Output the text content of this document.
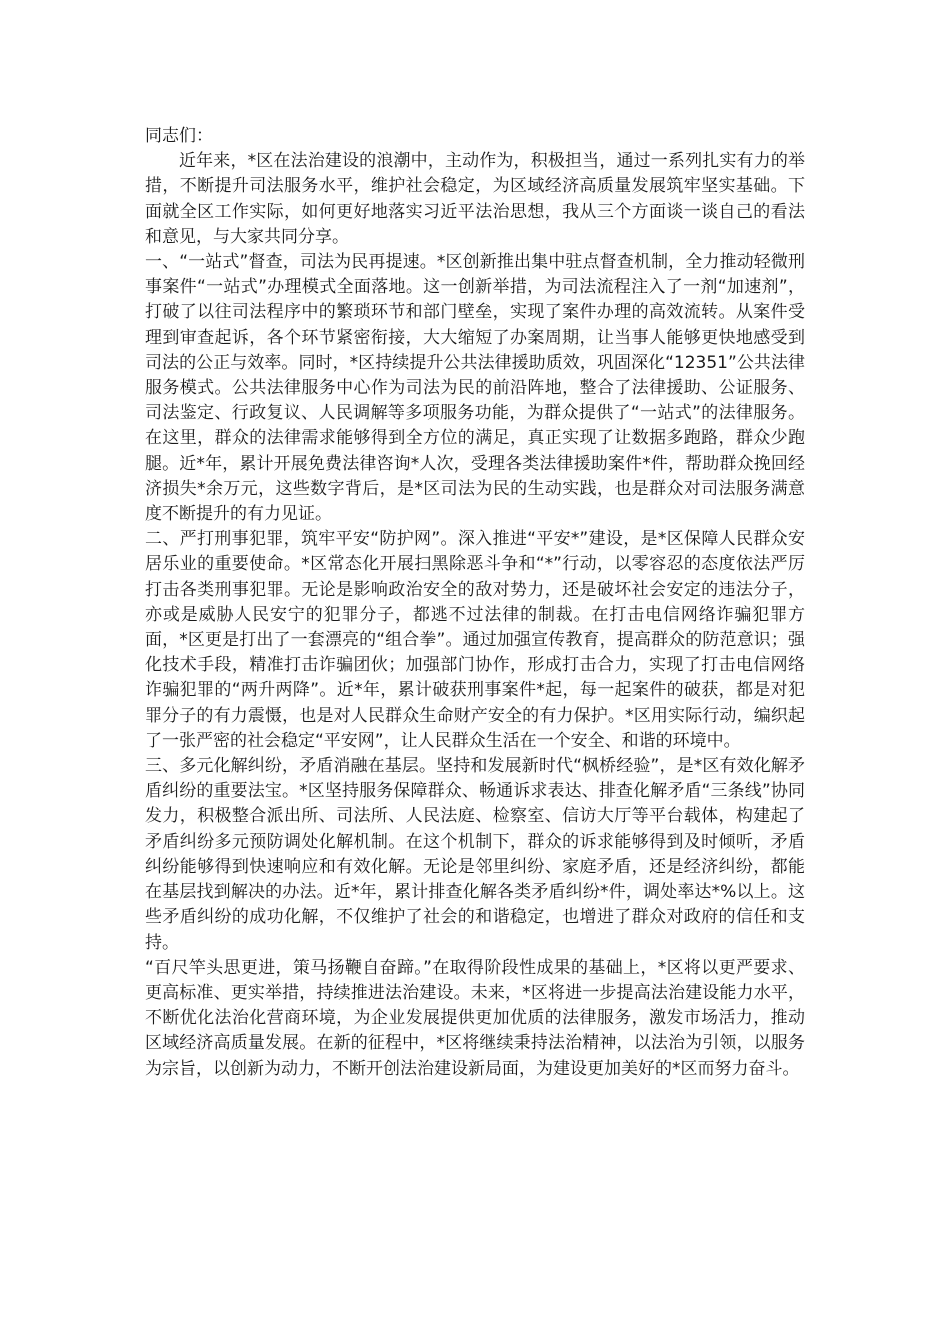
同志们：

近年来，*区在法治建设的浪潮中，主动作为，积极担当，通过一系列扎实有力的举措，不断提升司法服务水平，维护社会稳定，为区域经济高质量发展筑牢坚实基础。下面就全区工作实际，如何更好地落实习近平法治思想，我从三个方面谈一谈自己的看法和意见，与大家共同分享。

一、“一站式”督查，司法为民再提速。*区创新推出集中驻点督查机制，全力推动轻微刑事案件“一站式”办理模式全面落地。这一创新举措，为司法流程注入了一剂“加速剂”，打破了以往司法程序中的繁琐环节和部门壁垒，实现了案件办理的高效流转。从案件受理到审查起诉，各个环节紧密衔接，大大缩短了办案周期，让当事人能够更快地感受到司法的公正与效率。同时，*区持续提升公共法律援助质效，巩固深化“12351”公共法律服务模式。公共法律服务中心作为司法为民的前沿阵地，整合了法律援助、公证服务、司法鉴定、行政复议、人民调解等多项服务功能，为群众提供了“一站式”的法律服务。在这里，群众的法律需求能够得到全方位的满足，真正实现了让数据多跑路，群众少跑腿。近*年，累计开展免费法律咨询*人次，受理各类法律援助案件*件，帮助群众挽回经济损失*余万元，这些数字背后，是*区司法为民的生动实践，也是群众对司法服务满意度不断提升的有力见证。

二、严打刑事犯罪，筑牢平安“防护网”。深入推进“平安*”建设，是*区保障人民群众安居乐业的重要使命。*区常态化开展扫黑除恶斗争和“*”行动，以零容忍的态度依法严厉打击各类刑事犯罪。无论是影响政治安全的敌对势力，还是破坏社会安定的违法分子，亦或是威胁人民安宁的犯罪分子，都逃不过法律的制裁。在打击电信网络诈骗犯罪方面，*区更是打出了一套漂亮的“组合拳”。通过加强宣传教育，提高群众的防范意识；强化技术手段，精准打击诈骗团伙；加强部门协作，形成打击合力，实现了打击电信网络诈骗犯罪的“两升两降”。近*年，累计破获刑事案件*起，每一起案件的破获，都是对犯罪分子的有力震慑，也是对人民群众生命财产安全的有力保护。*区用实际行动，编织起了一张严密的社会稳定“平安网”，让人民群众生活在一个安全、和谐的环境中。

三、多元化解纠纷，矛盾消融在基层。坚持和发展新时代“枫桥经验”，是*区有效化解矛盾纠纷的重要法宝。*区坚持服务保障群众、畅通诉求表达、排查化解矛盾“三条线”协同发力，积极整合派出所、司法所、人民法庭、检察室、信访大厅等平台载体，构建起了矛盾纠纷多元预防调处化解机制。在这个机制下，群众的诉求能够得到及时倾听，矛盾纠纷能够得到快速响应和有效化解。无论是邻里纠纷、家庭矛盾，还是经济纠纷，都能在基层找到解决的办法。近*年，累计排查化解各类矛盾纠纷*件，调处率达*%以上。这些矛盾纠纷的成功化解，不仅维护了社会的和谐稳定，也增进了群众对政府的信任和支持。

“百尺竿头思更进，策马扬鞭自奋蹄。”在取得阶段性成果的基础上，*区将以更严要求、更高标准、更实举措，持续推进法治建设。未来，*区将进一步提高法治建设能力水平，不断优化法治化营商环境，为企业发展提供更加优质的法律服务，激发市场活力，推动区域经济高质量发展。在新的征程中，*区将继续秉持法治精神，以法治为引领，以服务为宗旨，以创新为动力，不断开创法治建设新局面，为建设更加美好的*区而努力奋斗。
